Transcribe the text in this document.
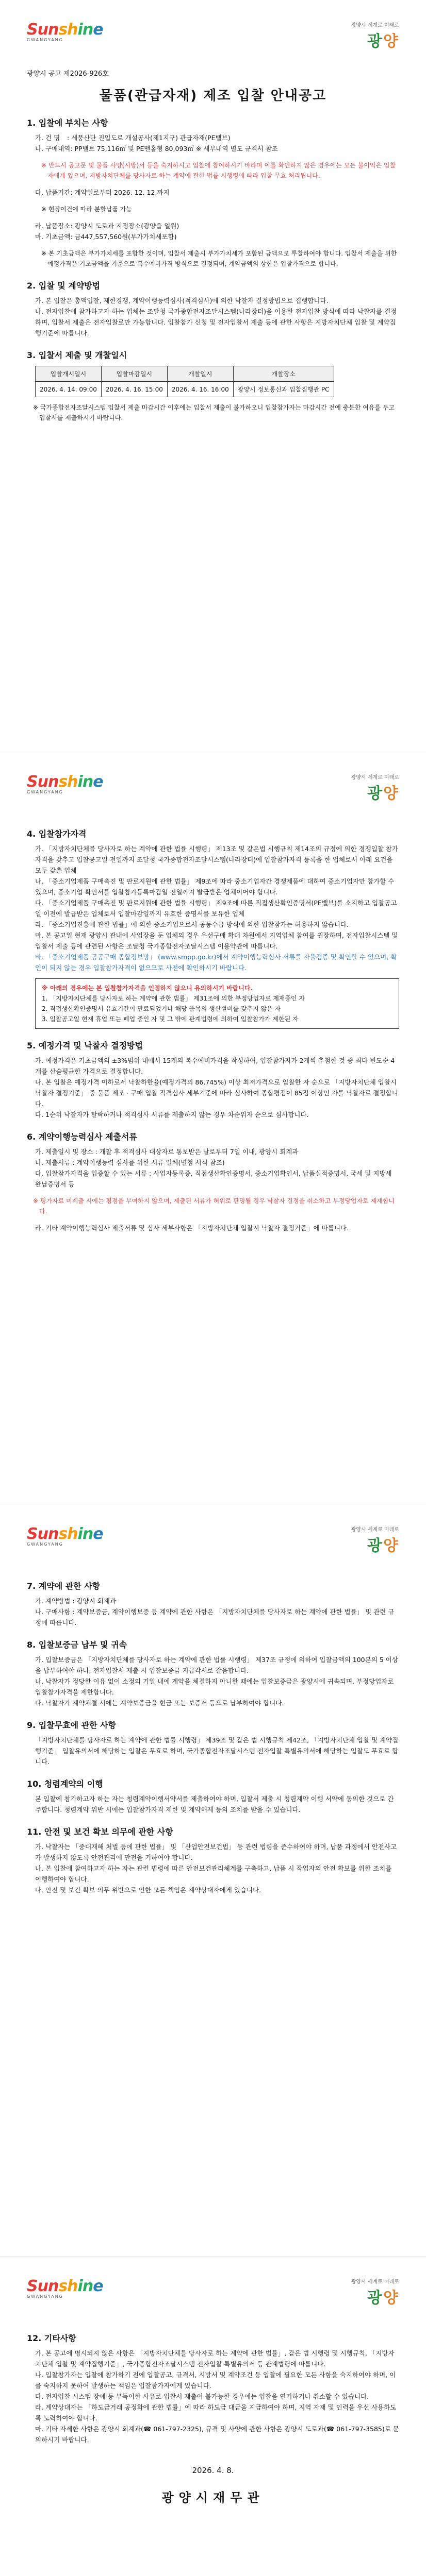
Sunshine
GWANGYANG
광양시 세계로 미래로
광양
광양시 공고 제2026-926호
물품(관급자재) 제조 입찰 안내공고
1. 입찰에 부치는 사항

가. 건 명 : 세풍산단 진입도로 개설공사(제1지구) 관급자재(PE밸브)

나. 구매내역: PP밸브 75,116㎡ 및 PE맨홀형 80,093㎡ ※ 세부내역 별도 규격서 참조

※ 반드시 공고문 및 물품 사양(시방)서 등을 숙지하시고 입찰에 참여하시기 바라며 이를 확인하지 않은 경우에는 모든 불이익은 입찰자에게 있으며, 지방자치단체를 당사자로 하는 계약에 관한 법률 시행령에 따라 입찰 무효 처리됩니다.

다. 납품기간: 계약일로부터 2026. 12. 12.까지

※ 현장여건에 따라 분할납품 가능

라. 납품장소: 광양시 도로과 지정장소(광양읍 일원)

마. 기초금액: 금447,557,560원(부가가치세포함)

※ 본 기초금액은 부가가치세를 포함한 것이며, 입찰서 제출시 부가가치세가 포함된 금액으로 투찰하여야 합니다. 입찰서 제출을 위한 예정가격은 기초금액을 기준으로 복수예비가격 방식으로 결정되며, 계약금액의 상한은 입찰가격으로 합니다.

2. 입찰 및 계약방법

가. 본 입찰은 총액입찰, 제한경쟁, 계약이행능력심사(적격심사)에 의한 낙찰자 결정방법으로 집행합니다.

나. 전자입찰에 참가하고자 하는 업체는 조달청 국가종합전자조달시스템(나라장터)을 이용한 전자입찰 방식에 따라 낙찰자를 결정하며, 입찰서 제출은 전자입찰로만 가능합니다. 입찰참가 신청 및 전자입찰서 제출 등에 관한 사항은 지방자치단체 입찰 및 계약집행기준에 따릅니다.

3. 입찰서 제출 및 개찰일시
입찰개시일시	입찰마감일시	개찰일시	개찰장소
2026. 4. 14. 09:00	2026. 4. 16. 15:00	2026. 4. 16. 16:00	광양시 정보통신과 입찰집행관 PC

※ 국가종합전자조달시스템 입찰서 제출 마감시간 이후에는 입찰서 제출이 불가하오니 입찰참가자는 마감시간 전에 충분한 여유를 두고 입찰서를 제출하시기 바랍니다.

Sunshine
GWANGYANG
광양시 세계로 미래로
광양
4. 입찰참가자격

가. 「지방자치단체를 당사자로 하는 계약에 관한 법률 시행령」 제13조 및 같은법 시행규칙 제14조의 규정에 의한 경쟁입찰 참가자격을 갖추고 입찰공고일 전일까지 조달청 국가종합전자조달시스템(나라장터)에 입찰참가자격 등록을 한 업체로서 아래 요건을 모두 갖춘 업체

나. 「중소기업제품 구매촉진 및 판로지원에 관한 법률」 제9조에 따라 중소기업자간 경쟁제품에 대하여 중소기업자만 참가할 수 있으며, 중소기업 확인서를 입찰참가등록마감일 전일까지 발급받은 업체이어야 합니다.

다. 「중소기업제품 구매촉진 및 판로지원에 관한 법률 시행령」 제9조에 따른 직접생산확인증명서(PE밸브)를 소지하고 입찰공고일 이전에 발급받은 업체로서 입찰마감일까지 유효한 증명서를 보유한 업체

라. 「중소기업진흥에 관한 법률」에 의한 중소기업으로서 공동수급 방식에 의한 입찰참가는 허용하지 않습니다.

마. 본 공고일 현재 광양시 관내에 사업장을 둔 업체의 경우 우선구매 확대 차원에서 지역업체 참여를 권장하며, 전자입찰시스템 및 입찰서 제출 등에 관련된 사항은 조달청 국가종합전자조달시스템 이용약관에 따릅니다.

바. 「중소기업제품 공공구매 종합정보망」 (www.smpp.go.kr)에서 계약이행능력심사 서류를 자율검증 및 확인할 수 있으며, 확인이 되지 않는 경우 입찰참가자격이 없으므로 사전에 확인하시기 바랍니다.

※ 아래의 경우에는 본 입찰참가자격을 인정하지 않으니 유의하시기 바랍니다.
1. 「지방자치단체를 당사자로 하는 계약에 관한 법률」 제31조에 의한 부정당업자로 제재중인 자
2. 직접생산확인증명서 유효기간이 만료되었거나 해당 품목의 생산설비를 갖추지 않은 자
3. 입찰공고일 현재 휴업 또는 폐업 중인 자 및 그 밖에 관계법령에 의하여 입찰참가가 제한된 자
5. 예정가격 및 낙찰자 결정방법

가. 예정가격은 기초금액의 ±3%범위 내에서 15개의 복수예비가격을 작성하여, 입찰참가자가 2개씩 추첨한 것 중 최다 빈도순 4개를 산술평균한 가격으로 결정합니다.

나. 본 입찰은 예정가격 이하로서 낙찰하한율(예정가격의 86.745%) 이상 최저가격으로 입찰한 자 순으로 「지방자치단체 입찰시 낙찰자 결정기준」 중 물품 제조 · 구매 입찰 적격심사 세부기준에 따라 심사하여 종합평점이 85점 이상인 자를 낙찰자로 결정합니다.

다. 1순위 낙찰자가 탈락하거나 적격심사 서류를 제출하지 않는 경우 차순위자 순으로 심사합니다.

6. 계약이행능력심사 제출서류

가. 제출일시 및 장소 : 개찰 후 적격심사 대상자로 통보받은 날로부터 7일 이내, 광양시 회계과

나. 제출서류 : 계약이행능력 심사를 위한 서류 일체(별첨 서식 참조)

다. 입찰참가자격을 입증할 수 있는 서류 : 사업자등록증, 직접생산확인증명서, 중소기업확인서, 납품실적증명서, 국세 및 지방세 완납증명서 등

※ 평가자료 미제출 시에는 평점을 부여하지 않으며, 제출된 서류가 허위로 판명될 경우 낙찰자 결정을 취소하고 부정당업자로 제재합니다.

라. 기타 계약이행능력심사 제출서류 및 심사 세부사항은 「지방자치단체 입찰시 낙찰자 결정기준」에 따릅니다.

Sunshine
GWANGYANG
광양시 세계로 미래로
광양
7. 계약에 관한 사항

가. 계약방법 : 광양시 회계과

나. 구매사항 : 계약보증금, 계약이행보증 등 계약에 관한 사항은 「지방자치단체를 당사자로 하는 계약에 관한 법률」 및 관련 규정에 따릅니다.

8. 입찰보증금 납부 및 귀속

가. 입찰보증금은 「지방자치단체를 당사자로 하는 계약에 관한 법률 시행령」 제37조 규정에 의하여 입찰금액의 100분의 5 이상을 납부하여야 하나, 전자입찰서 제출 시 입찰보증금 지급각서로 갈음합니다.

나. 낙찰자가 정당한 이유 없이 소정의 기일 내에 계약을 체결하지 아니한 때에는 입찰보증금은 광양시에 귀속되며, 부정당업자로 입찰참가자격을 제한합니다.

다. 낙찰자가 계약체결 시에는 계약보증금을 현금 또는 보증서 등으로 납부하여야 합니다.

9. 입찰무효에 관한 사항

「지방자치단체를 당사자로 하는 계약에 관한 법률 시행령」 제39조 및 같은 법 시행규칙 제42조, 「지방자치단체 입찰 및 계약집행기준」 입찰유의서에 해당하는 입찰은 무효로 하며, 국가종합전자조달시스템 전자입찰 특별유의서에 해당하는 입찰도 무효로 합니다.

10. 청렴계약의 이행

본 입찰에 참가하고자 하는 자는 청렴계약이행서약서를 제출하여야 하며, 입찰서 제출 시 청렴계약 이행 서약에 동의한 것으로 간주합니다. 청렴계약 위반 시에는 입찰참가자격 제한 및 계약해제 등의 조치를 받을 수 있습니다.

11. 안전 및 보건 확보 의무에 관한 사항

가. 낙찰자는 「중대재해 처벌 등에 관한 법률」 및 「산업안전보건법」 등 관련 법령을 준수하여야 하며, 납품 과정에서 안전사고가 발생하지 않도록 안전관리에 만전을 기하여야 합니다.

나. 본 입찰에 참여하고자 하는 자는 관련 법령에 따른 안전보건관리체계를 구축하고, 납품 시 작업자의 안전 확보를 위한 조치를 이행하여야 합니다.

다. 안전 및 보건 확보 의무 위반으로 인한 모든 책임은 계약상대자에게 있습니다.

Sunshine
GWANGYANG
광양시 세계로 미래로
광양
12. 기타사항

가. 본 공고에 명시되지 않은 사항은 「지방자치단체를 당사자로 하는 계약에 관한 법률」, 같은 법 시행령 및 시행규칙, 「지방자치단체 입찰 및 계약집행기준」, 국가종합전자조달시스템 전자입찰 특별유의서 등 관계법령에 따릅니다.

나. 입찰참가자는 입찰에 참가하기 전에 입찰공고, 규격서, 시방서 및 계약조건 등 입찰에 필요한 모든 사항을 숙지하여야 하며, 이를 숙지하지 못하여 발생하는 책임은 입찰참가자에게 있습니다.

다. 전자입찰 시스템 장애 등 부득이한 사유로 입찰서 제출이 불가능한 경우에는 입찰을 연기하거나 취소할 수 있습니다.

라. 계약상대자는 「하도급거래 공정화에 관한 법률」에 따라 하도급 대금을 지급하여야 하며, 지역 자재 및 인력을 우선 사용하도록 노력하여야 합니다.

마. 기타 자세한 사항은 광양시 회계과(☎ 061-797-2325), 규격 및 사양에 관한 사항은 광양시 도로과(☎ 061-797-3585)로 문의하시기 바랍니다.

2026. 4. 8.
광양시재무관
